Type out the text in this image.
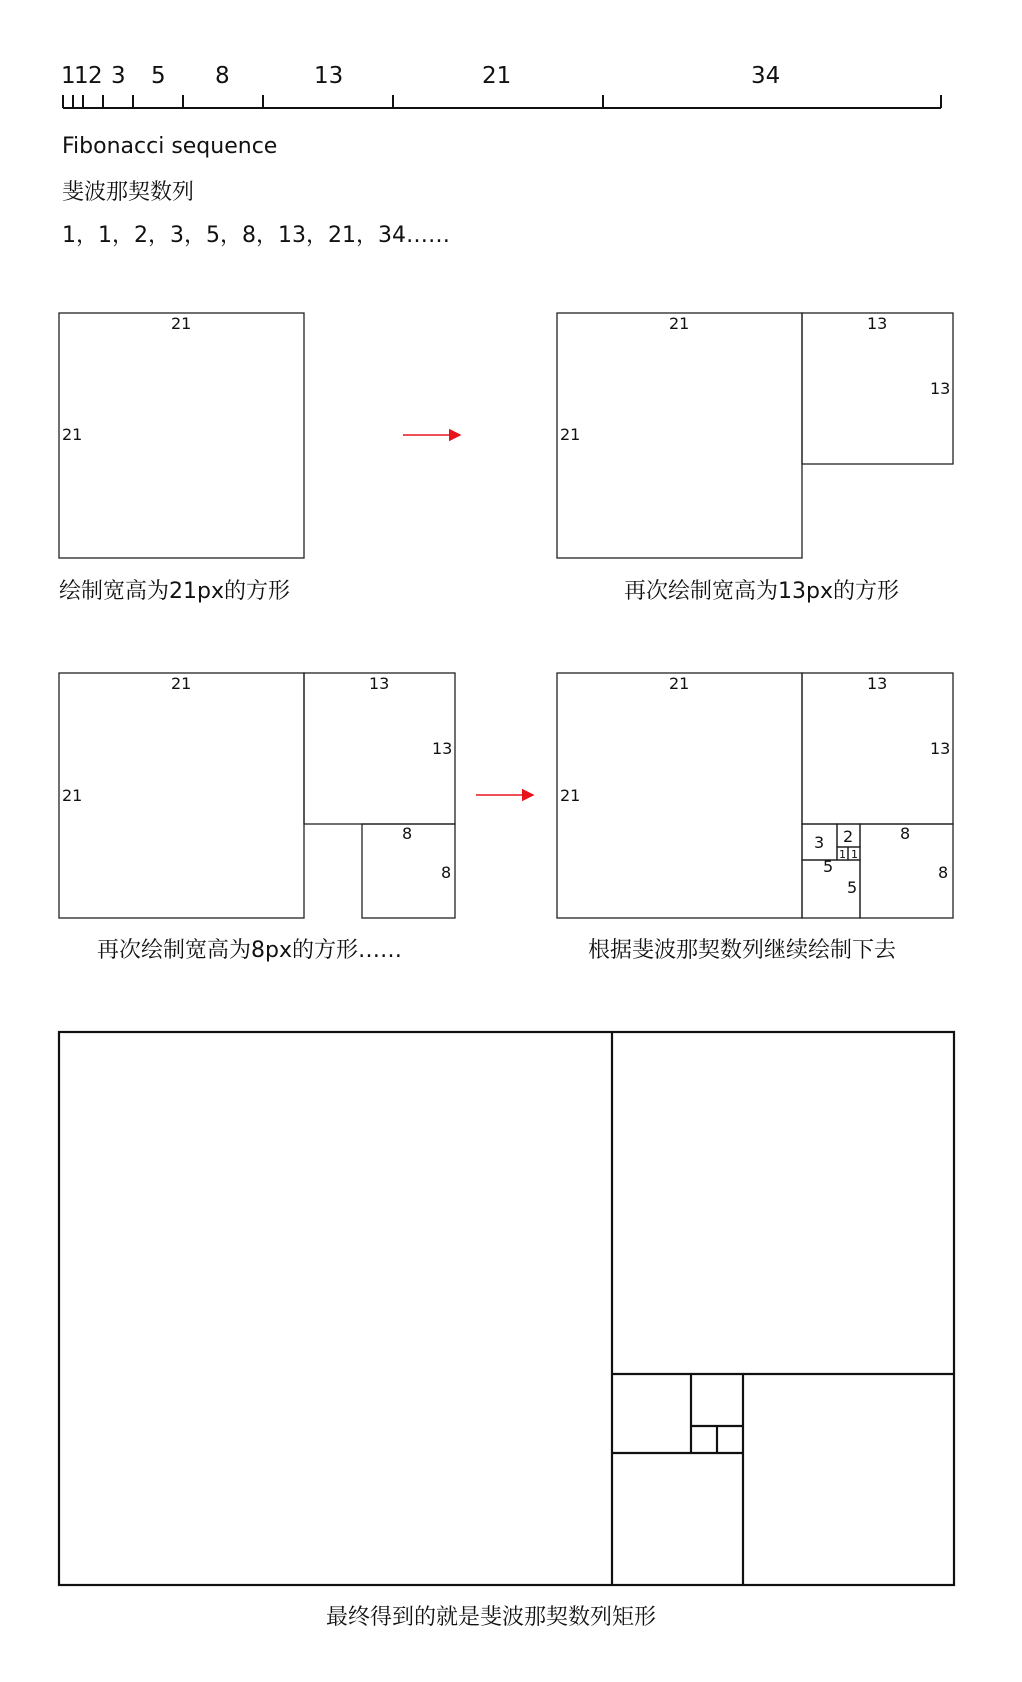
1
1 2 3 5 8	13	21	34
21
21
21
21
13
13
21
21
13
13
8
8
21
21
13
13
8
8
5
5
3 2
1 1
Fibonacci sequence
斐波那契数列
1，1，2，3，5，8，13，21，34……
绘制宽高为21px的方形	再次绘制宽高为13px的方形
再次绘制宽高为8px的方形……	根据斐波那契数列继续绘制下去
最终得到的就是斐波那契数列矩形
